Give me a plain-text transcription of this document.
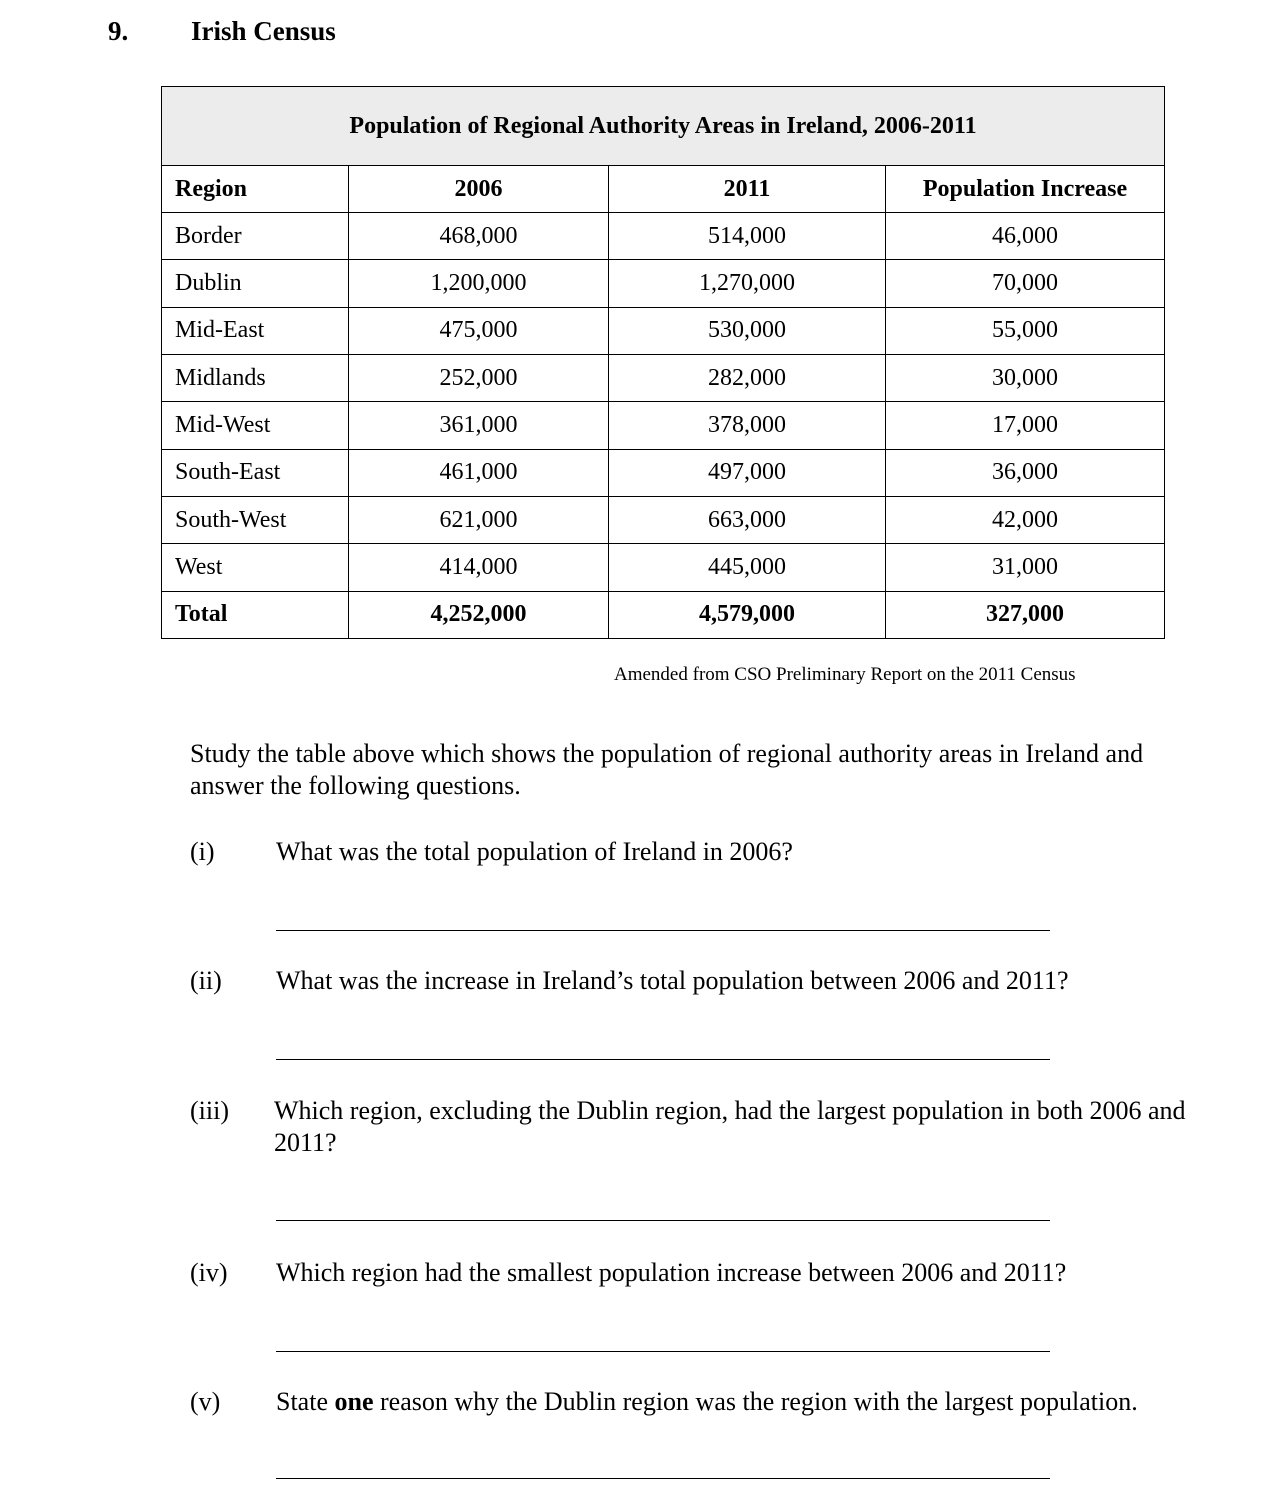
9. Irish Census
Population of Regional Authority Areas in Ireland, 2006-2011			
Region	2006	2011	Population Increase
Border	468,000	514,000	46,000
Dublin	1,200,000	1,270,000	70,000
Mid-East	475,000	530,000	55,000
Midlands	252,000	282,000	30,000
Mid-West	361,000	378,000	17,000
South-East	461,000	497,000	36,000
South-West	621,000	663,000	42,000
West	414,000	445,000	31,000
Total	4,252,000	4,579,000	327,000
Amended from CSO Preliminary Report on the 2011 Census
Study the table above which shows the population of regional authority areas in Ireland and answer the following questions.
(i) What was the total population of Ireland in 2006?
(ii) What was the increase in Ireland’s total population between 2006 and 2011?
(iii) Which region, excluding the Dublin region, had the largest population in both 2006 and 2011?
(iv) Which region had the smallest population increase between 2006 and 2011?
(v) State one reason why the Dublin region was the region with the largest population.
